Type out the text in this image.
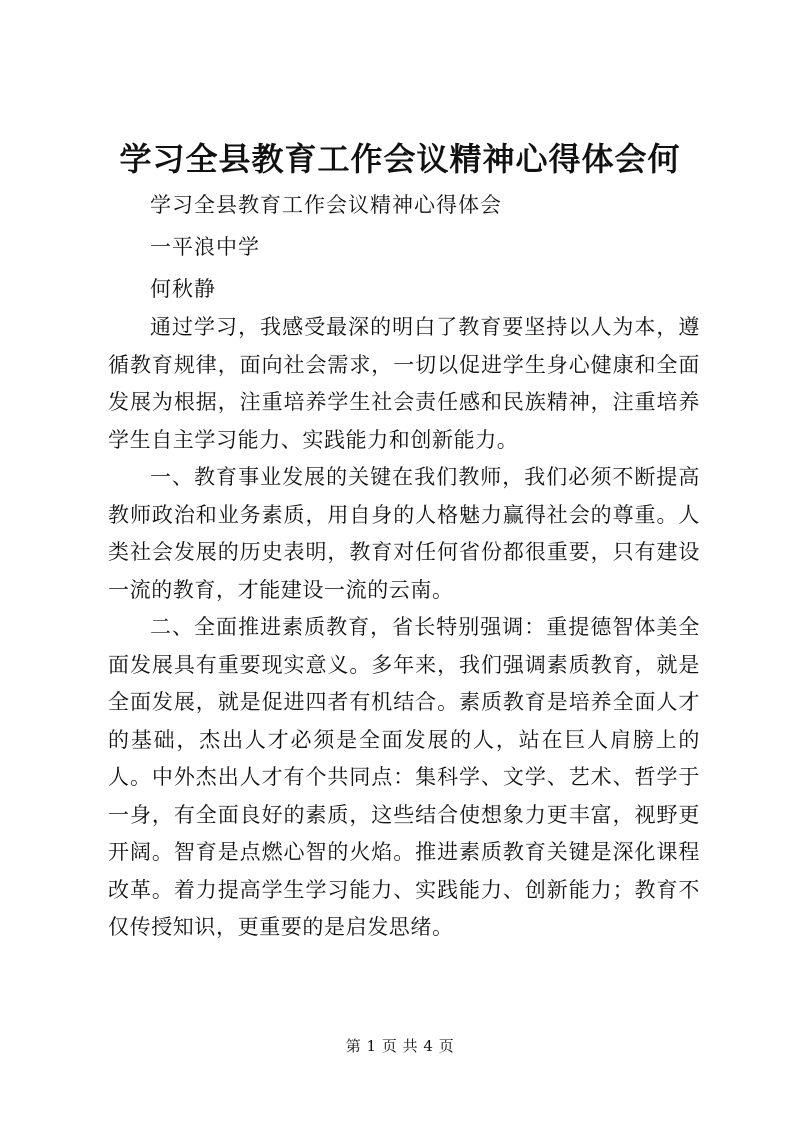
学习全县教育工作会议精神心得体会何
学习全县教育工作会议精神心得体会
一平浪中学
何秋静

通过学习，我感受最深的明白了教育要坚持以人为本，遵循教育规律，面向社会需求，一切以促进学生身心健康和全面发展为根据，注重培养学生社会责任感和民族精神，注重培养学生自主学习能力、实践能力和创新能力。

一、教育事业发展的关键在我们教师，我们必须不断提高教师政治和业务素质，用自身的人格魅力赢得社会的尊重。人类社会发展的历史表明，教育对任何省份都很重要，只有建设一流的教育，才能建设一流的云南。

二、全面推进素质教育，省长特别强调：重提德智体美全面发展具有重要现实意义。多年来，我们强调素质教育，就是全面发展，就是促进四者有机结合。素质教育是培养全面人才的基础，杰出人才必须是全面发展的人，站在巨人肩膀上的人。中外杰出人才有个共同点：集科学、文学、艺术、哲学于一身，有全面良好的素质，这些结合使想象力更丰富，视野更开阔。智育是点燃心智的火焰。推进素质教育关键是深化课程改革。着力提高学生学习能力、实践能力、创新能力；教育不仅传授知识，更重要的是启发思绪。

第 1 页 共 4 页
